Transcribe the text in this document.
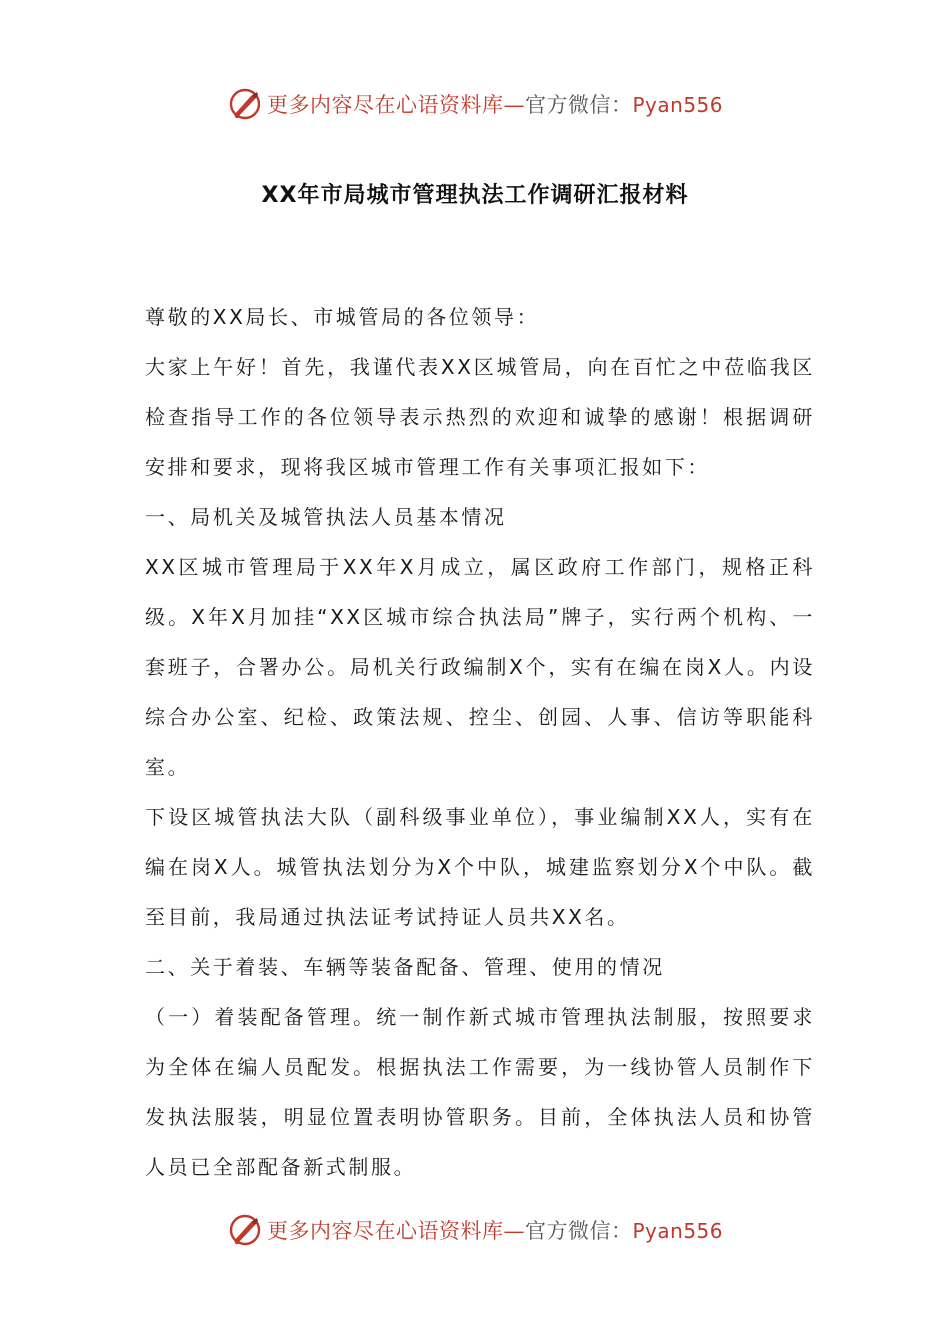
更多内容尽在心语资料库—官方微信：Pyan556
XX年市局城市管理执法工作调研汇报材料

尊敬的XX局长、市城管局的各位领导：

大家上午好！首先，我谨代表XX区城管局，向在百忙之中莅临我区检查指导工作的各位领导表示热烈的欢迎和诚挚的感谢！根据调研安排和要求，现将我区城市管理工作有关事项汇报如下：

一、局机关及城管执法人员基本情况

XX区城市管理局于XX年X月成立，属区政府工作部门，规格正科级。X年X月加挂“XX区城市综合执法局”牌子，实行两个机构、一套班子，合署办公。局机关行政编制X个，实有在编在岗X人。内设综合办公室、纪检、政策法规、控尘、创园、人事、信访等职能科室。

下设区城管执法大队（副科级事业单位），事业编制XX人，实有在编在岗X人。城管执法划分为X个中队，城建监察划分X个中队。截至目前，我局通过执法证考试持证人员共XX名。

二、关于着装、车辆等装备配备、管理、使用的情况

（一）着装配备管理。统一制作新式城市管理执法制服，按照要求为全体在编人员配发。根据执法工作需要，为一线协管人员制作下发执法服装，明显位置表明协管职务。目前，全体执法人员和协管人员已全部配备新式制服。

更多内容尽在心语资料库—官方微信：Pyan556
